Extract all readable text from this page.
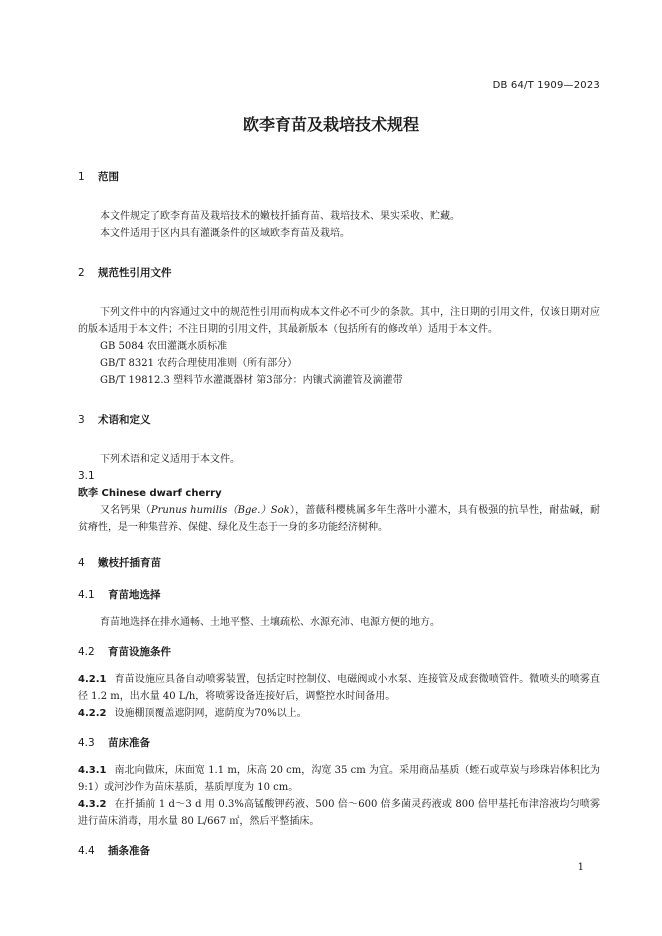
DB 64/T 1909—2023
欧李育苗及栽培技术规程
1 范围

本文件规定了欧李育苗及栽培技术的嫩枝扦插育苗、栽培技术、果实采收、贮藏。

本文件适用于区内具有灌溉条件的区域欧李育苗及栽培。

2 规范性引用文件

下列文件中的内容通过文中的规范性引用而构成本文件必不可少的条款。其中，注日期的引用文件，仅该日期对应的版本适用于本文件；不注日期的引用文件，其最新版本（包括所有的修改单）适用于本文件。

GB 5084 农田灌溉水质标准

GB/T 8321 农药合理使用准则（所有部分）

GB/T 19812.3 塑料节水灌溉器材 第3部分：内镶式滴灌管及滴灌带

3 术语和定义

下列术语和定义适用于本文件。

3.1

欧李 Chinese dwarf cherry

又名钙果（Prunus humilis（Bge.）Sok），蔷薇科樱桃属多年生落叶小灌木，具有极强的抗旱性，耐盐碱，耐贫瘠性，是一种集营养、保健、绿化及生态于一身的多功能经济树种。

4 嫩枝扦插育苗
4.1 育苗地选择

育苗地选择在排水通畅、土地平整、土壤疏松、水源充沛、电源方便的地方。

4.2 育苗设施条件

4.2.1 育苗设施应具备自动喷雾装置，包括定时控制仪、电磁阀或小水泵、连接管及成套微喷管件。微喷头的喷雾直径 1.2 m，出水量 40 L/h，将喷雾设备连接好后，调整控水时间备用。

4.2.2 设施棚顶覆盖遮阴网，遮荫度为70%以上。

4.3 苗床准备

4.3.1 南北向做床，床面宽 1.1 m，床高 20 cm，沟宽 35 cm 为宜。采用商品基质（蛭石或草炭与珍珠岩体积比为 9:1）或河沙作为苗床基质，基质厚度为 10 cm。

4.3.2 在扦插前 1 d～3 d 用 0.3%高锰酸钾药液、500 倍～600 倍多菌灵药液或 800 倍甲基托布津溶液均匀喷雾进行苗床消毒，用水量 80 L/667 ㎡，然后平整插床。

4.4 插条准备
1
